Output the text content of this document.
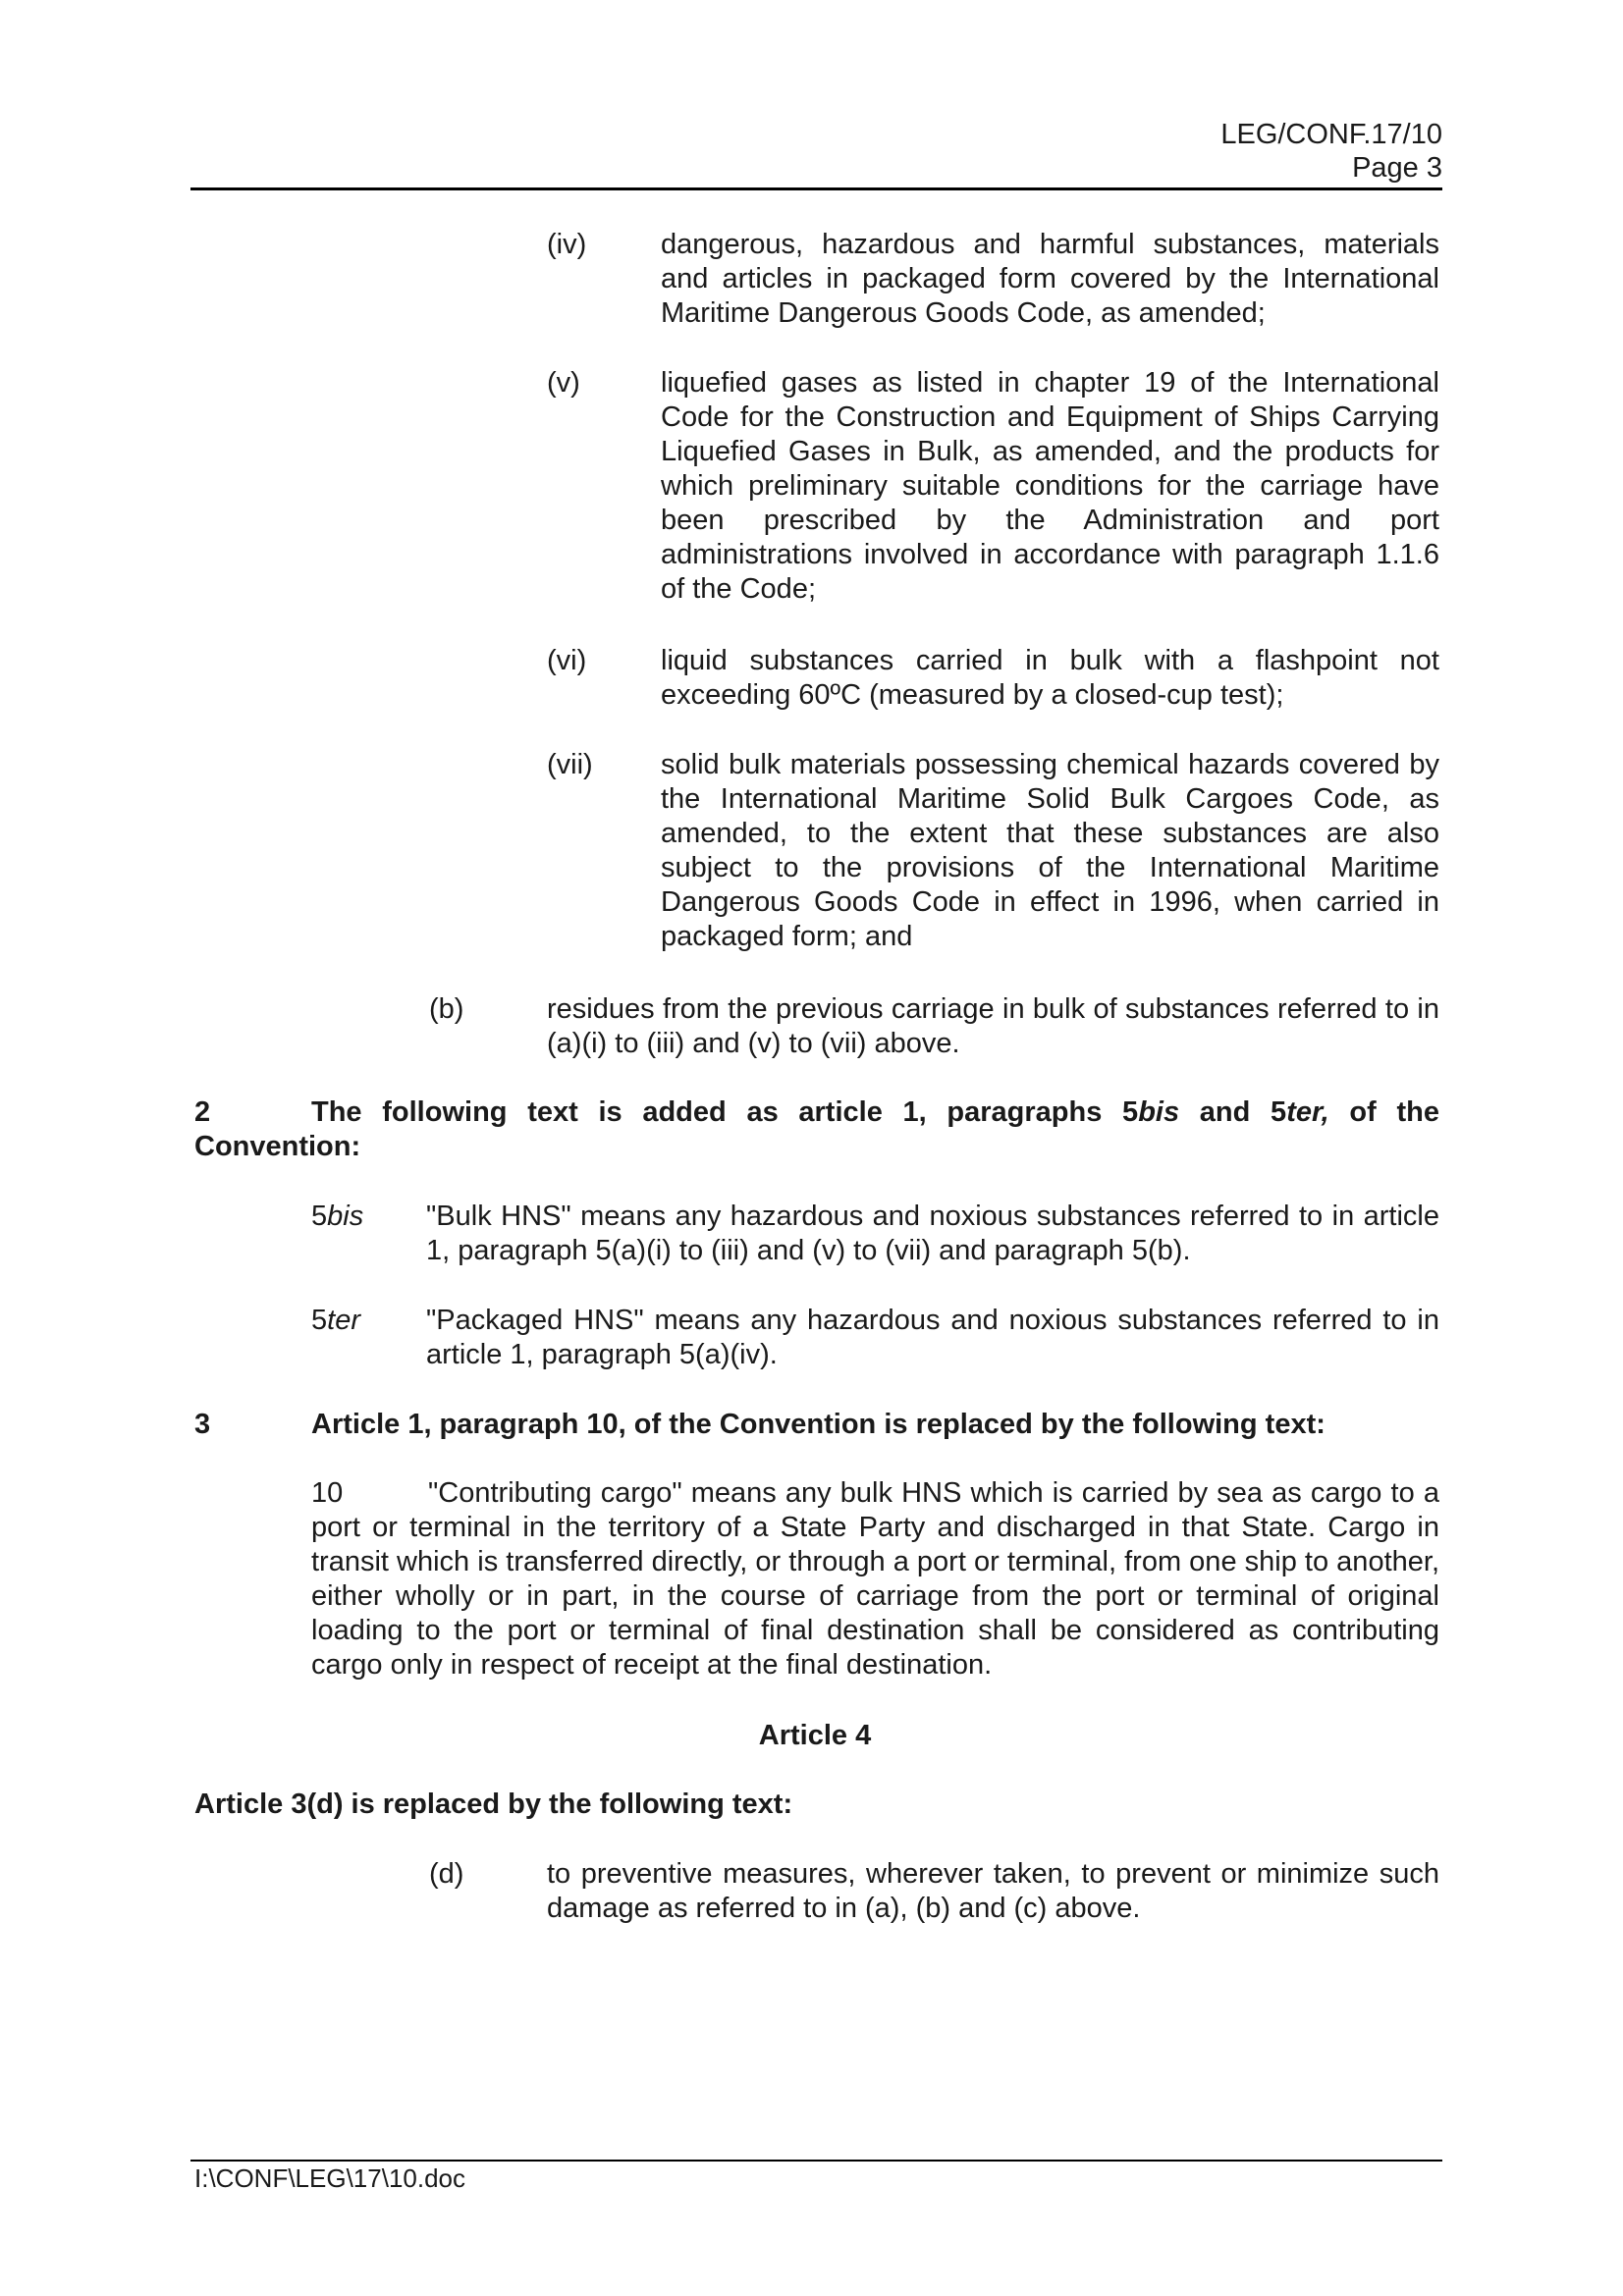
LEG/CONF.17/10
Page 3
(iv)	dangerous, hazardous and harmful substances, materials and articles in packaged form covered by the International Maritime Dangerous Goods Code, as amended;
(v)	liquefied gases as listed in chapter 19 of the International Code for the Construction and Equipment of Ships Carrying Liquefied Gases in Bulk, as amended, and the products for which preliminary suitable conditions for the carriage have been prescribed by the Administration and port administrations involved in accordance with paragraph 1.1.6 of the Code;
(vi)	liquid substances carried in bulk with a flashpoint not exceeding 60ºC (measured by a closed-cup test);
(vii) solid bulk materials possessing chemical hazards covered by the International Maritime Solid Bulk Cargoes Code, as amended, to the extent that these substances are also subject to the provisions of the International Maritime Dangerous Goods Code in effect in 1996, when carried in packaged form; and
(b)	residues from the previous carriage in bulk of substances referred to in (a)(i) to (iii) and (v) to (vii) above.
2	The following text is added as article 1, paragraphs 5bis and 5ter, of the Convention:
5bis "Bulk HNS" means any hazardous and noxious substances referred to in article 1, paragraph 5(a)(i) to (iii) and (v) to (vii) and paragraph 5(b).
5ter "Packaged HNS" means any hazardous and noxious substances referred to in article 1, paragraph 5(a)(iv).
3	Article 1, paragraph 10, of the Convention is replaced by the following text:
10	"Contributing cargo" means any bulk HNS which is carried by sea as cargo to a port or terminal in the territory of a State Party and discharged in that State. Cargo in transit which is transferred directly, or through a port or terminal, from one ship to another, either wholly or in part, in the course of carriage from the port or terminal of original loading to the port or terminal of final destination shall be considered as contributing cargo only in respect of receipt at the final destination.
Article 4
Article 3(d) is replaced by the following text:
(d)	to preventive measures, wherever taken, to prevent or minimize such damage as referred to in (a), (b) and (c) above.
I:\CONF\LEG\17\10.doc
